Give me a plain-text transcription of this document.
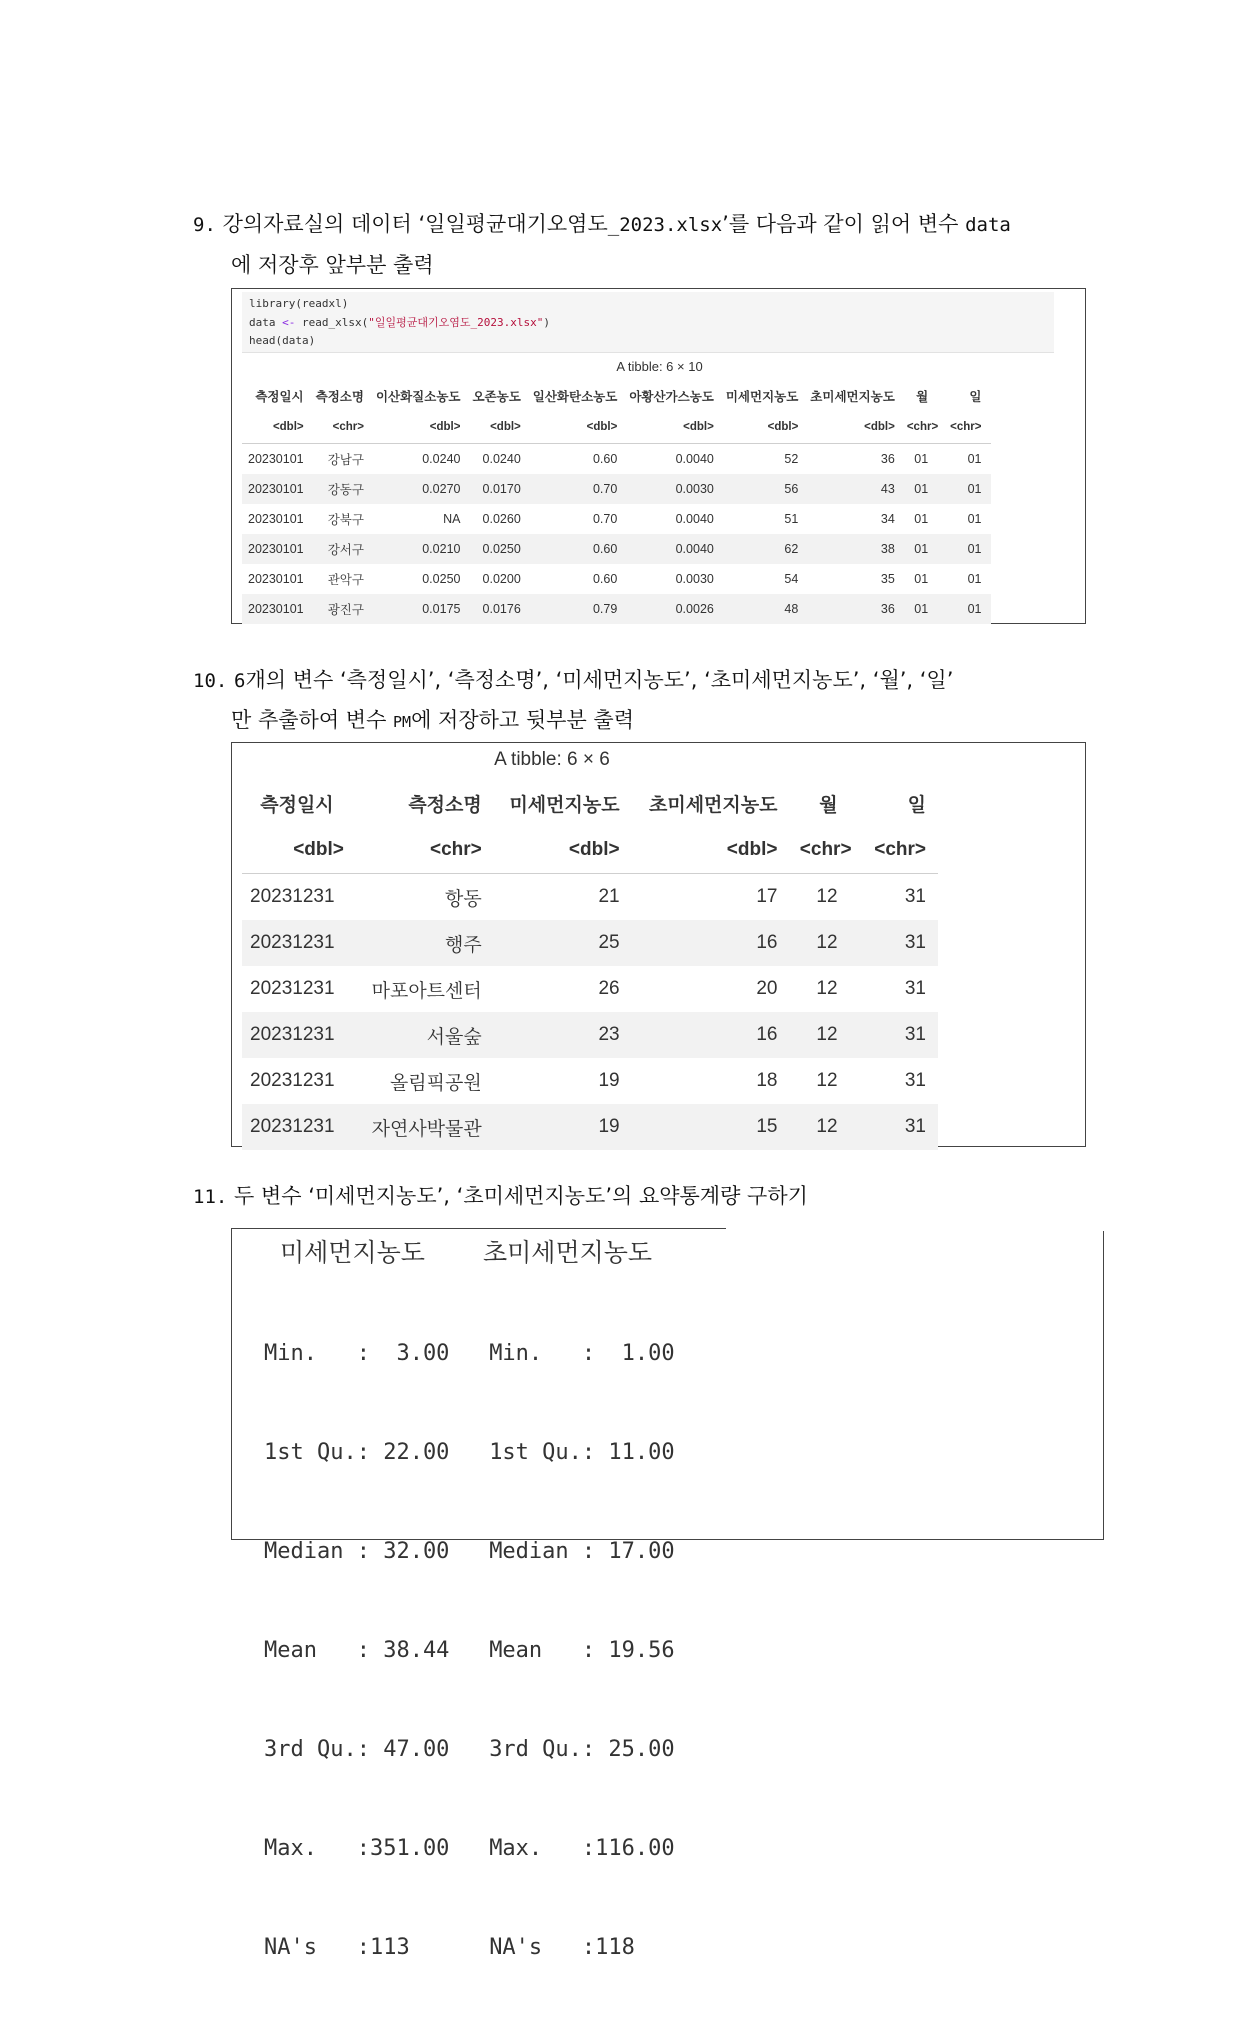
9. 강의자료실의 데이터 ‘일일평균대기오염도_2023.xlsx’를 다음과 같이 읽어 변수 data
에 저장후 앞부분 출력
library(readxl)
data <- read_xlsx("일일평균대기오염도_2023.xlsx")
head(data)
A tibble: 6 × 10
측정일시	측정소명	이산화질소농도	오존농도	일산화탄소농도	아황산가스농도	미세먼지농도	초미세먼지농도	월	일
<dbl>	<chr>	<dbl>	<dbl>	<dbl>	<dbl>	<dbl>	<dbl>	<chr>	<chr>
20230101	강남구	0.0240	0.0240	0.60	0.0040	52	36	01	01
20230101	강동구	0.0270	0.0170	0.70	0.0030	56	43	01	01
20230101	강북구	NA	0.0260	0.70	0.0040	51	34	01	01
20230101	강서구	0.0210	0.0250	0.60	0.0040	62	38	01	01
20230101	관악구	0.0250	0.0200	0.60	0.0030	54	35	01	01
20230101	광진구	0.0175	0.0176	0.79	0.0026	48	36	01	01
10. 6개의 변수 ‘측정일시’, ‘측정소명’, ‘미세먼지농도’, ‘초미세먼지농도’, ‘월’, ‘일’
만 추출하여 변수 PM에 저장하고 뒷부분 출력
A tibble: 6 × 6
측정일시	측정소명	미세먼지농도	초미세먼지농도	월	일
<dbl>	<chr>	<dbl>	<dbl>	<chr>	<chr>
20231231	항동	21	17	12	31
20231231	행주	25	16	12	31
20231231	마포아트센터	26	20	12	31
20231231	서울숲	23	16	12	31
20231231	올림픽공원	19	18	12	31
20231231	자연사박물관	19	15	12	31
11. 두 변수 ‘미세먼지농도’, ‘초미세먼지농도’의 요약통계량 구하기
미세먼지농도 초미세먼지농도

Min.   :  3.00 Min.   :  1.00

1st Qu.: 22.00 1st Qu.: 11.00

Median : 32.00 Median : 17.00

Mean   : 38.44 Mean   : 19.56

3rd Qu.: 47.00 3rd Qu.: 25.00

Max.   :351.00 Max.   :116.00

NA's   :113      NA's   :118
